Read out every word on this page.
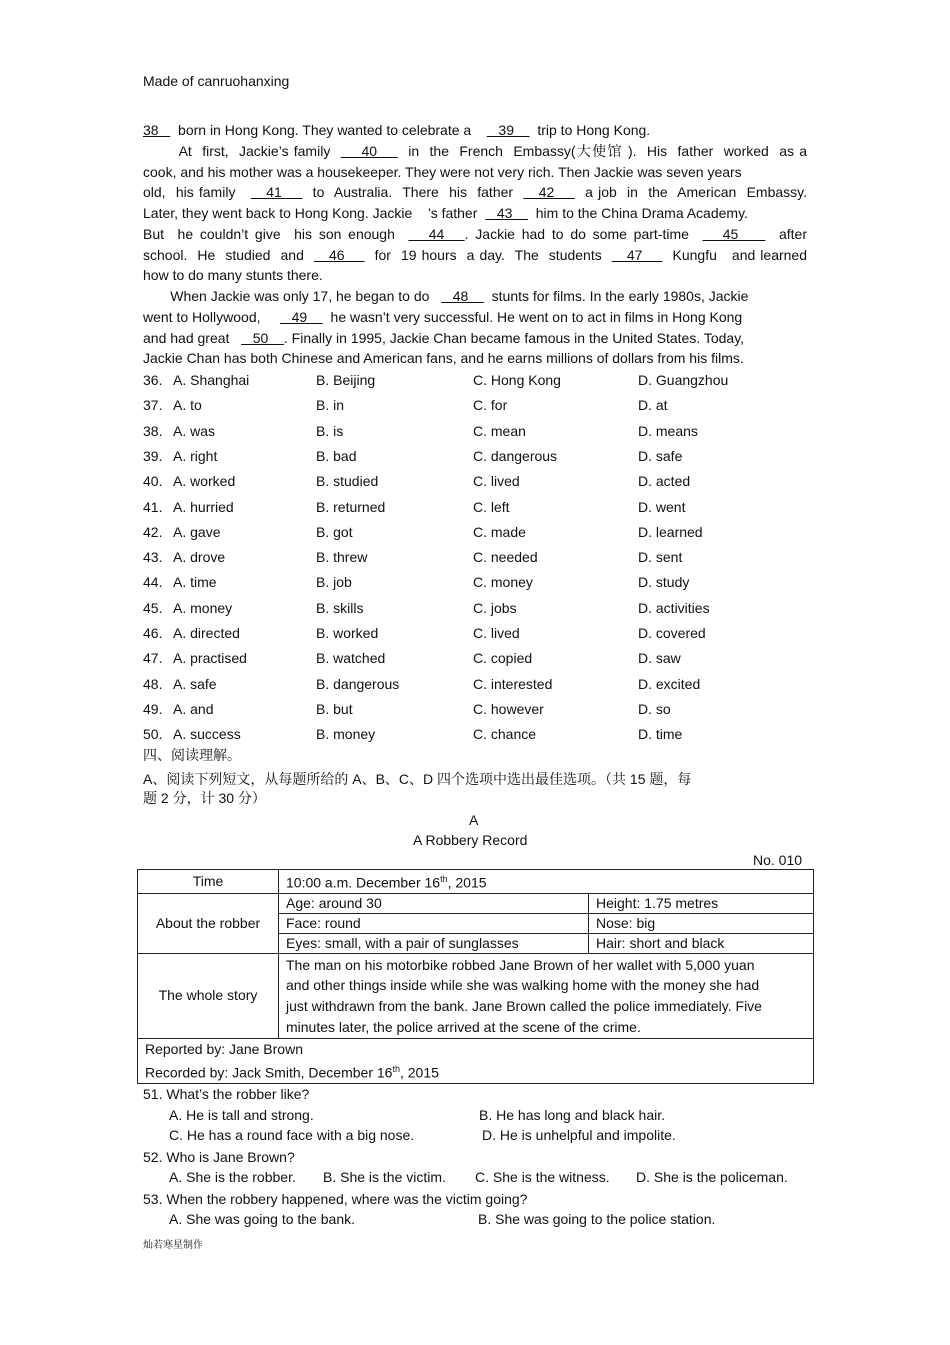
Made of canruohanxing
38     born in Hong Kong. They wanted to celebrate a       39      trip to Hong Kong.
At  first,  Jackie’s family      40      in  the  French  Embassy(大使馆 ).  His  father  worked  as a
cook, and his mother was a housekeeper. They were not very rich. Then Jackie was seven years
old,  his family      41      to  Australia.  There  his  father     42      a job  in  the  American  Embassy.
Later, they went back to Hong Kong. Jackie    ’s father     43      him to the China Drama Academy.
But  he couldn’t give  his son enough     44   . Jackie had to do some part-time     45      after
school.  He  studied  and     46      for  19 hours  a day.  The  students     47      Kungfu   and learned
how to do many stunts there.
When Jackie was only 17, he began to do      48      stunts for films. In the early 1980s, Jackie
went to Hollywood,        49      he wasn’t very successful. He went on to act in films in Hong Kong
and had great      50    . Finally in 1995, Jackie Chan became famous in the United States. Today,
Jackie Chan has both Chinese and American fans, and he earns millions of dollars from his films.
36. A. Shanghai	B. Beijing	C. Hong Kong	D. Guangzhou
37. A. to	B. in	C. for	D. at
38. A. was	B. is	C. mean	D. means
39. A. right	B. bad	C. dangerous	D. safe
40. A. worked	B. studied	C. lived	D. acted
41. A. hurried	B. returned	C. left	D. went
42. A. gave	B. got	C. made	D. learned
43. A. drove	B. threw	C. needed	D. sent
44. A. time	B. job	C. money	D. study
45. A. money	B. skills	C. jobs	D. activities
46. A. directed	B. worked	C. lived	D. covered
47. A. practised	B. watched	C. copied	D. saw
48. A. safe	B. dangerous	C. interested	D. excited
49. A. and	B. but	C. however	D. so
50. A. success	B. money	C. chance	D. time
四、阅读理解。
A、阅读下列短文，从每题所给的 A、B、C、D 四个选项中选出最佳选项。（共 15 题，每
题 2 分，计 30 分）
A
A Robbery Record
No. 010
Time	10:00 a.m. December 16th, 2015	
About the robber	Age: around 30	Height: 1.75 metres
	Face: round	Nose: big
	Eyes: small, with a pair of sunglasses	Hair: short and black
The whole story	The man on his motorbike robbed Jane Brown of her wallet with 5,000 yuan and other things inside while she was walking home with the money she had just withdrawn from the bank. Jane Brown called the police immediately. Five minutes later, the police arrived at the scene of the crime.	

Reported by: Jane Brown
Recorded by: Jack Smith, December 16th, 2015		
51. What’s the robber like?
A. He is tall and strong.	B. He has long and black hair.
C. He has a round face with a big nose.	D. He is unhelpful and impolite.
52. Who is Jane Brown?
A. She is the robber. B. She is the victim. C. She is the witness. D. She is the policeman.
53. When the robbery happened, where was the victim going?
A. She was going to the bank.	B. She was going to the police station.
灿若寒星制作
